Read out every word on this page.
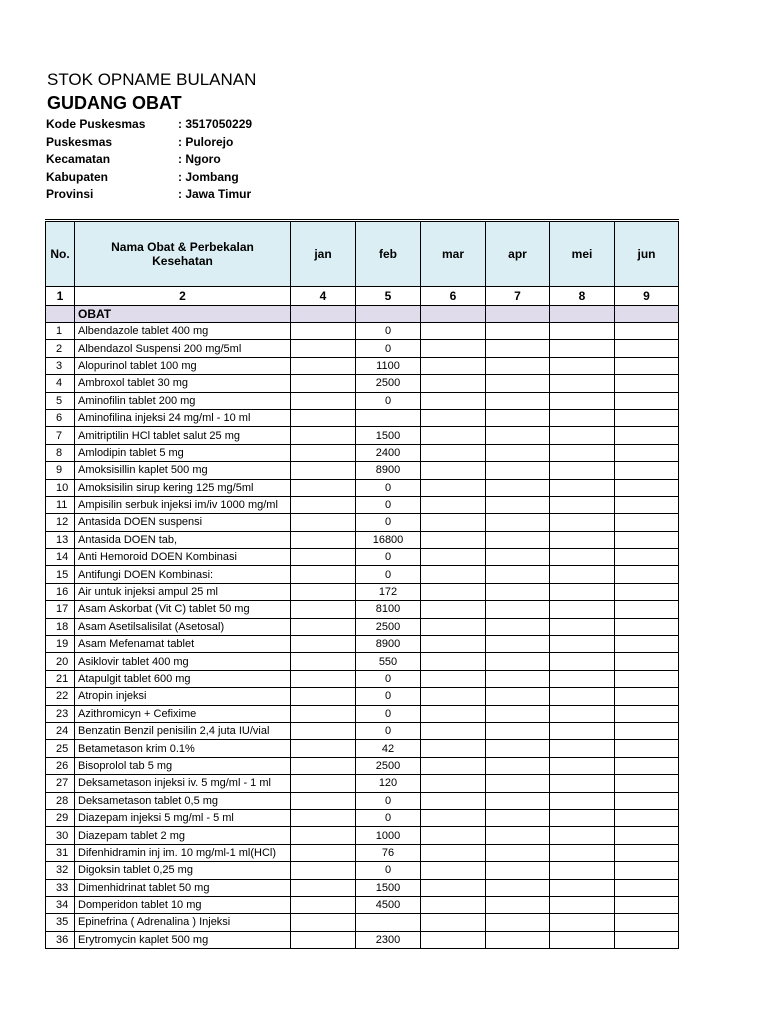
STOK OPNAME BULANAN
GUDANG OBAT
Kode Puskesmas	: 3517050229
Puskesmas	: Pulorejo
Kecamatan	: Ngoro
Kabupaten	: Jombang
Provinsi	: Jawa Timur
No.	Nama Obat & Perbekalan Kesehatan	jan	feb	mar	apr	mei	jun
1	2	4	5	6	7	8	9
	OBAT						
1	Albendazole tablet 400 mg		0				
2	Albendazol Suspensi 200 mg/5ml		0				
3	Alopurinol tablet 100 mg		1100				
4	Ambroxol tablet 30 mg		2500				
5	Aminofilin tablet 200 mg		0				
6	Aminofilina injeksi 24 mg/ml - 10 ml						
7	Amitriptilin HCl tablet salut 25 mg		1500				
8	Amlodipin tablet 5 mg		2400				
9	Amoksisillin kaplet 500 mg		8900				
10	Amoksisilin sirup kering 125 mg/5ml		0				
11	Ampisilin serbuk injeksi im/iv 1000 mg/ml		0				
12	Antasida DOEN suspensi		0				
13	Antasida DOEN tab,		16800				
14	Anti Hemoroid DOEN Kombinasi		0				
15	Antifungi DOEN Kombinasi:		0				
16	Air untuk injeksi ampul 25 ml		172				
17	Asam Askorbat (Vit C) tablet 50 mg		8100				
18	Asam Asetilsalisilat (Asetosal)		2500				
19	Asam Mefenamat tablet		8900				
20	Asiklovir tablet 400 mg		550				
21	Atapulgit tablet 600 mg		0				
22	Atropin injeksi		0				
23	Azithromicyn + Cefixime		0				
24	Benzatin Benzil penisilin 2,4 juta IU/vial		0				
25	Betametason krim 0.1%		42				
26	Bisoprolol tab 5 mg		2500				
27	Deksametason injeksi iv. 5 mg/ml - 1 ml		120				
28	Deksametason tablet 0,5 mg		0				
29	Diazepam injeksi 5 mg/ml - 5 ml		0				
30	Diazepam tablet 2 mg		1000				
31	Difenhidramin inj im. 10 mg/ml-1 ml(HCl)		76				
32	Digoksin tablet 0,25 mg		0				
33	Dimenhidrinat tablet 50 mg		1500				
34	Domperidon tablet 10 mg		4500				
35	Epinefrina ( Adrenalina ) Injeksi						
36	Erytromycin kaplet 500 mg		2300				
